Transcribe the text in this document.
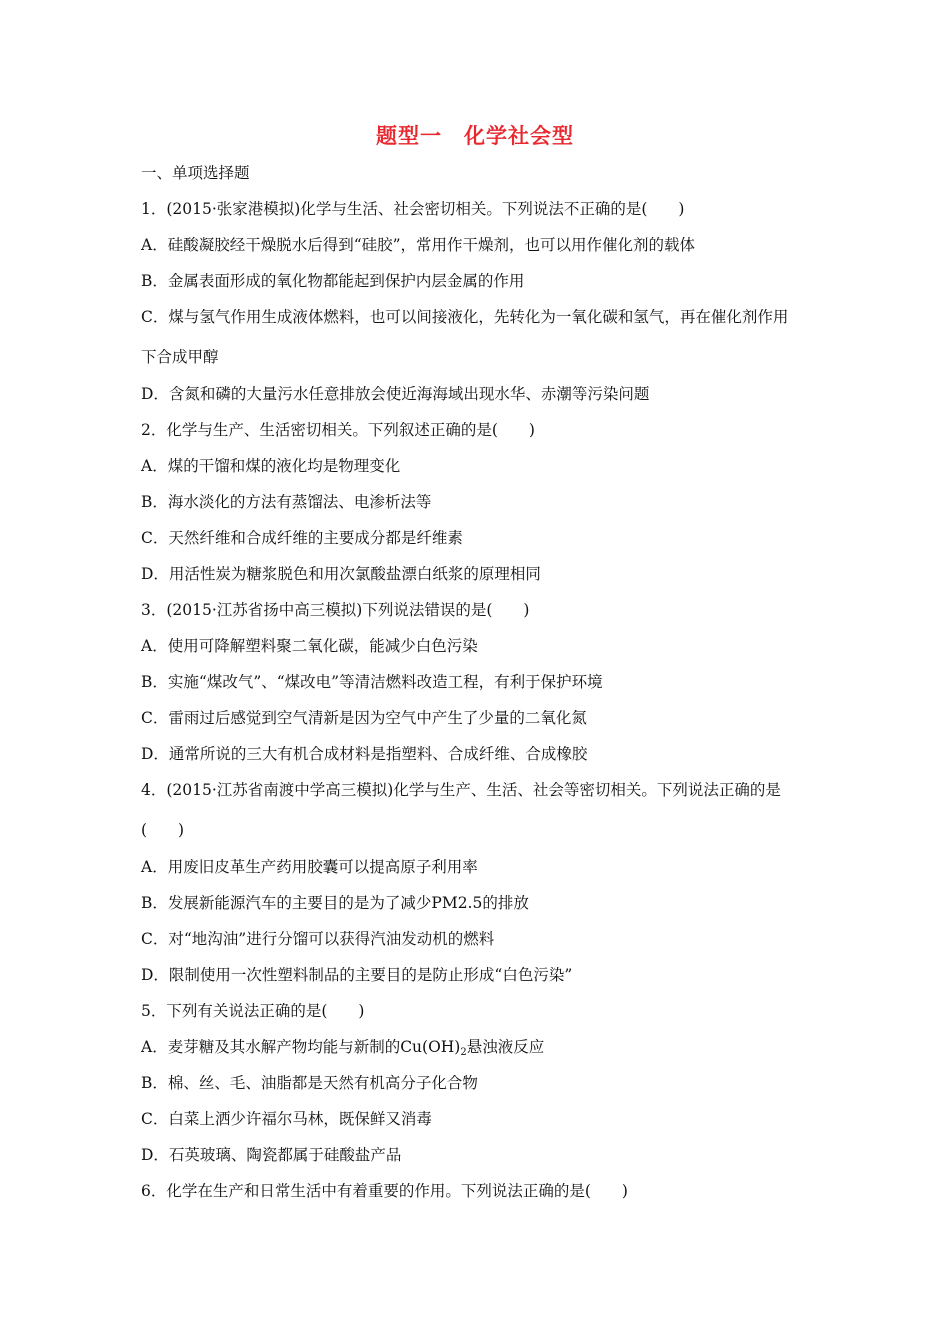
题型一　化学社会型
一、单项选择题
1．(2015·张家港模拟)化学与生活、社会密切相关。下列说法不正确的是(　　)
A．硅酸凝胶经干燥脱水后得到“硅胶”，常用作干燥剂，也可以用作催化剂的载体
B．金属表面形成的氧化物都能起到保护内层金属的作用
C．煤与氢气作用生成液体燃料，也可以间接液化，先转化为一氧化碳和氢气，再在催化剂作用
下合成甲醇
D．含氮和磷的大量污水任意排放会使近海海域出现水华、赤潮等污染问题
2．化学与生产、生活密切相关。下列叙述正确的是(　　)
A．煤的干馏和煤的液化均是物理变化
B．海水淡化的方法有蒸馏法、电渗析法等
C．天然纤维和合成纤维的主要成分都是纤维素
D．用活性炭为糖浆脱色和用次氯酸盐漂白纸浆的原理相同
3．(2015·江苏省扬中高三模拟)下列说法错误的是(　　)
A．使用可降解塑料聚二氧化碳，能减少白色污染
B．实施“煤改气”、“煤改电”等清洁燃料改造工程，有利于保护环境
C．雷雨过后感觉到空气清新是因为空气中产生了少量的二氧化氮
D．通常所说的三大有机合成材料是指塑料、合成纤维、合成橡胶
4．(2015·江苏省南渡中学高三模拟)化学与生产、生活、社会等密切相关。下列说法正确的是
(　　)
A．用废旧皮革生产药用胶囊可以提高原子利用率
B．发展新能源汽车的主要目的是为了减少PM2.5的排放
C．对“地沟油”进行分馏可以获得汽油发动机的燃料
D．限制使用一次性塑料制品的主要目的是防止形成“白色污染”
5．下列有关说法正确的是(　　)
A．麦芽糖及其水解产物均能与新制的$Cu(OH)_2$悬浊液反应
B．棉、丝、毛、油脂都是天然有机高分子化合物
C．白菜上洒少许福尔马林，既保鲜又消毒
D．石英玻璃、陶瓷都属于硅酸盐产品
6．化学在生产和日常生活中有着重要的作用。下列说法正确的是(　　)
